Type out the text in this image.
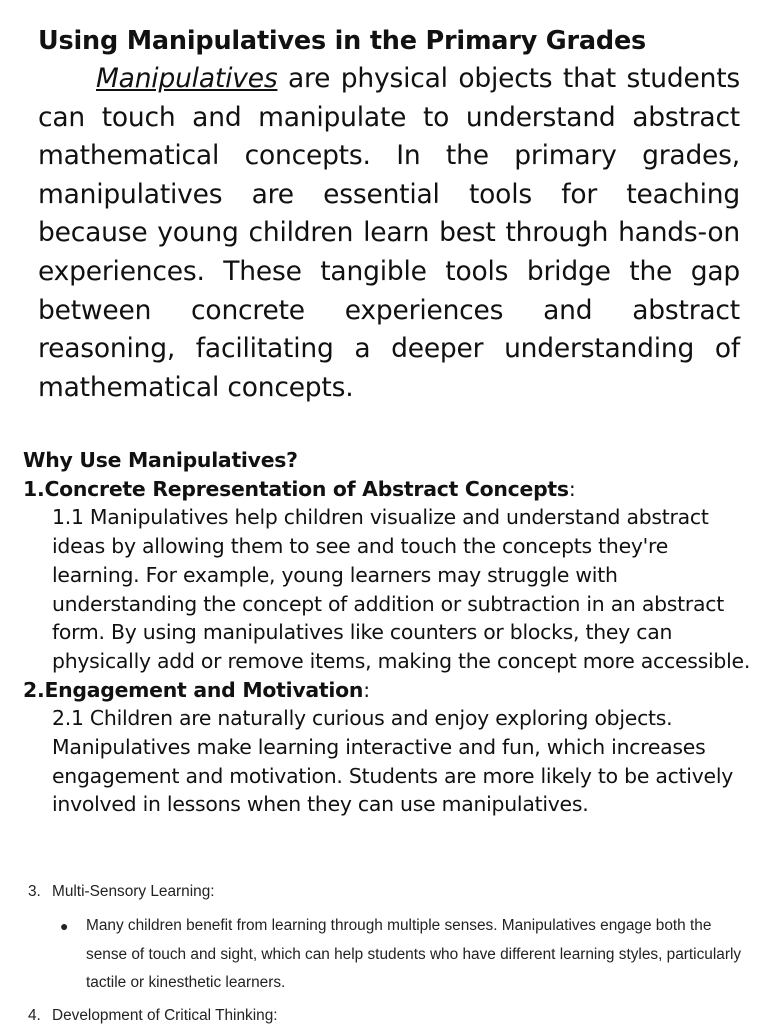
Using Manipulatives in the Primary Grades

Manipulatives are physical objects that students can touch and manipulate to understand abstract mathematical concepts. In the primary grades, manipulatives are essential tools for teaching because young children learn best through hands-on experiences. These tangible tools bridge the gap between concrete experiences and abstract reasoning, facilitating a deeper understanding of mathematical concepts.

Why Use Manipulatives?

1.Concrete Representation of Abstract Concepts:

1.1 Manipulatives help children visualize and understand abstract ideas by allowing them to see and touch the concepts they're learning. For example, young learners may struggle with understanding the concept of addition or subtraction in an abstract form. By using manipulatives like counters or blocks, they can physically add or remove items, making the concept more accessible.

2.Engagement and Motivation:

2.1 Children are naturally curious and enjoy exploring objects. Manipulatives make learning interactive and fun, which increases engagement and motivation. Students are more likely to be actively involved in lessons when they can use manipulatives.

3. Multi-Sensory Learning:
●	Many children benefit from learning through multiple senses. Manipulatives engage both the sense of touch and sight, which can help students who have different learning styles, particularly tactile or kinesthetic learners.
4. Development of Critical Thinking:
